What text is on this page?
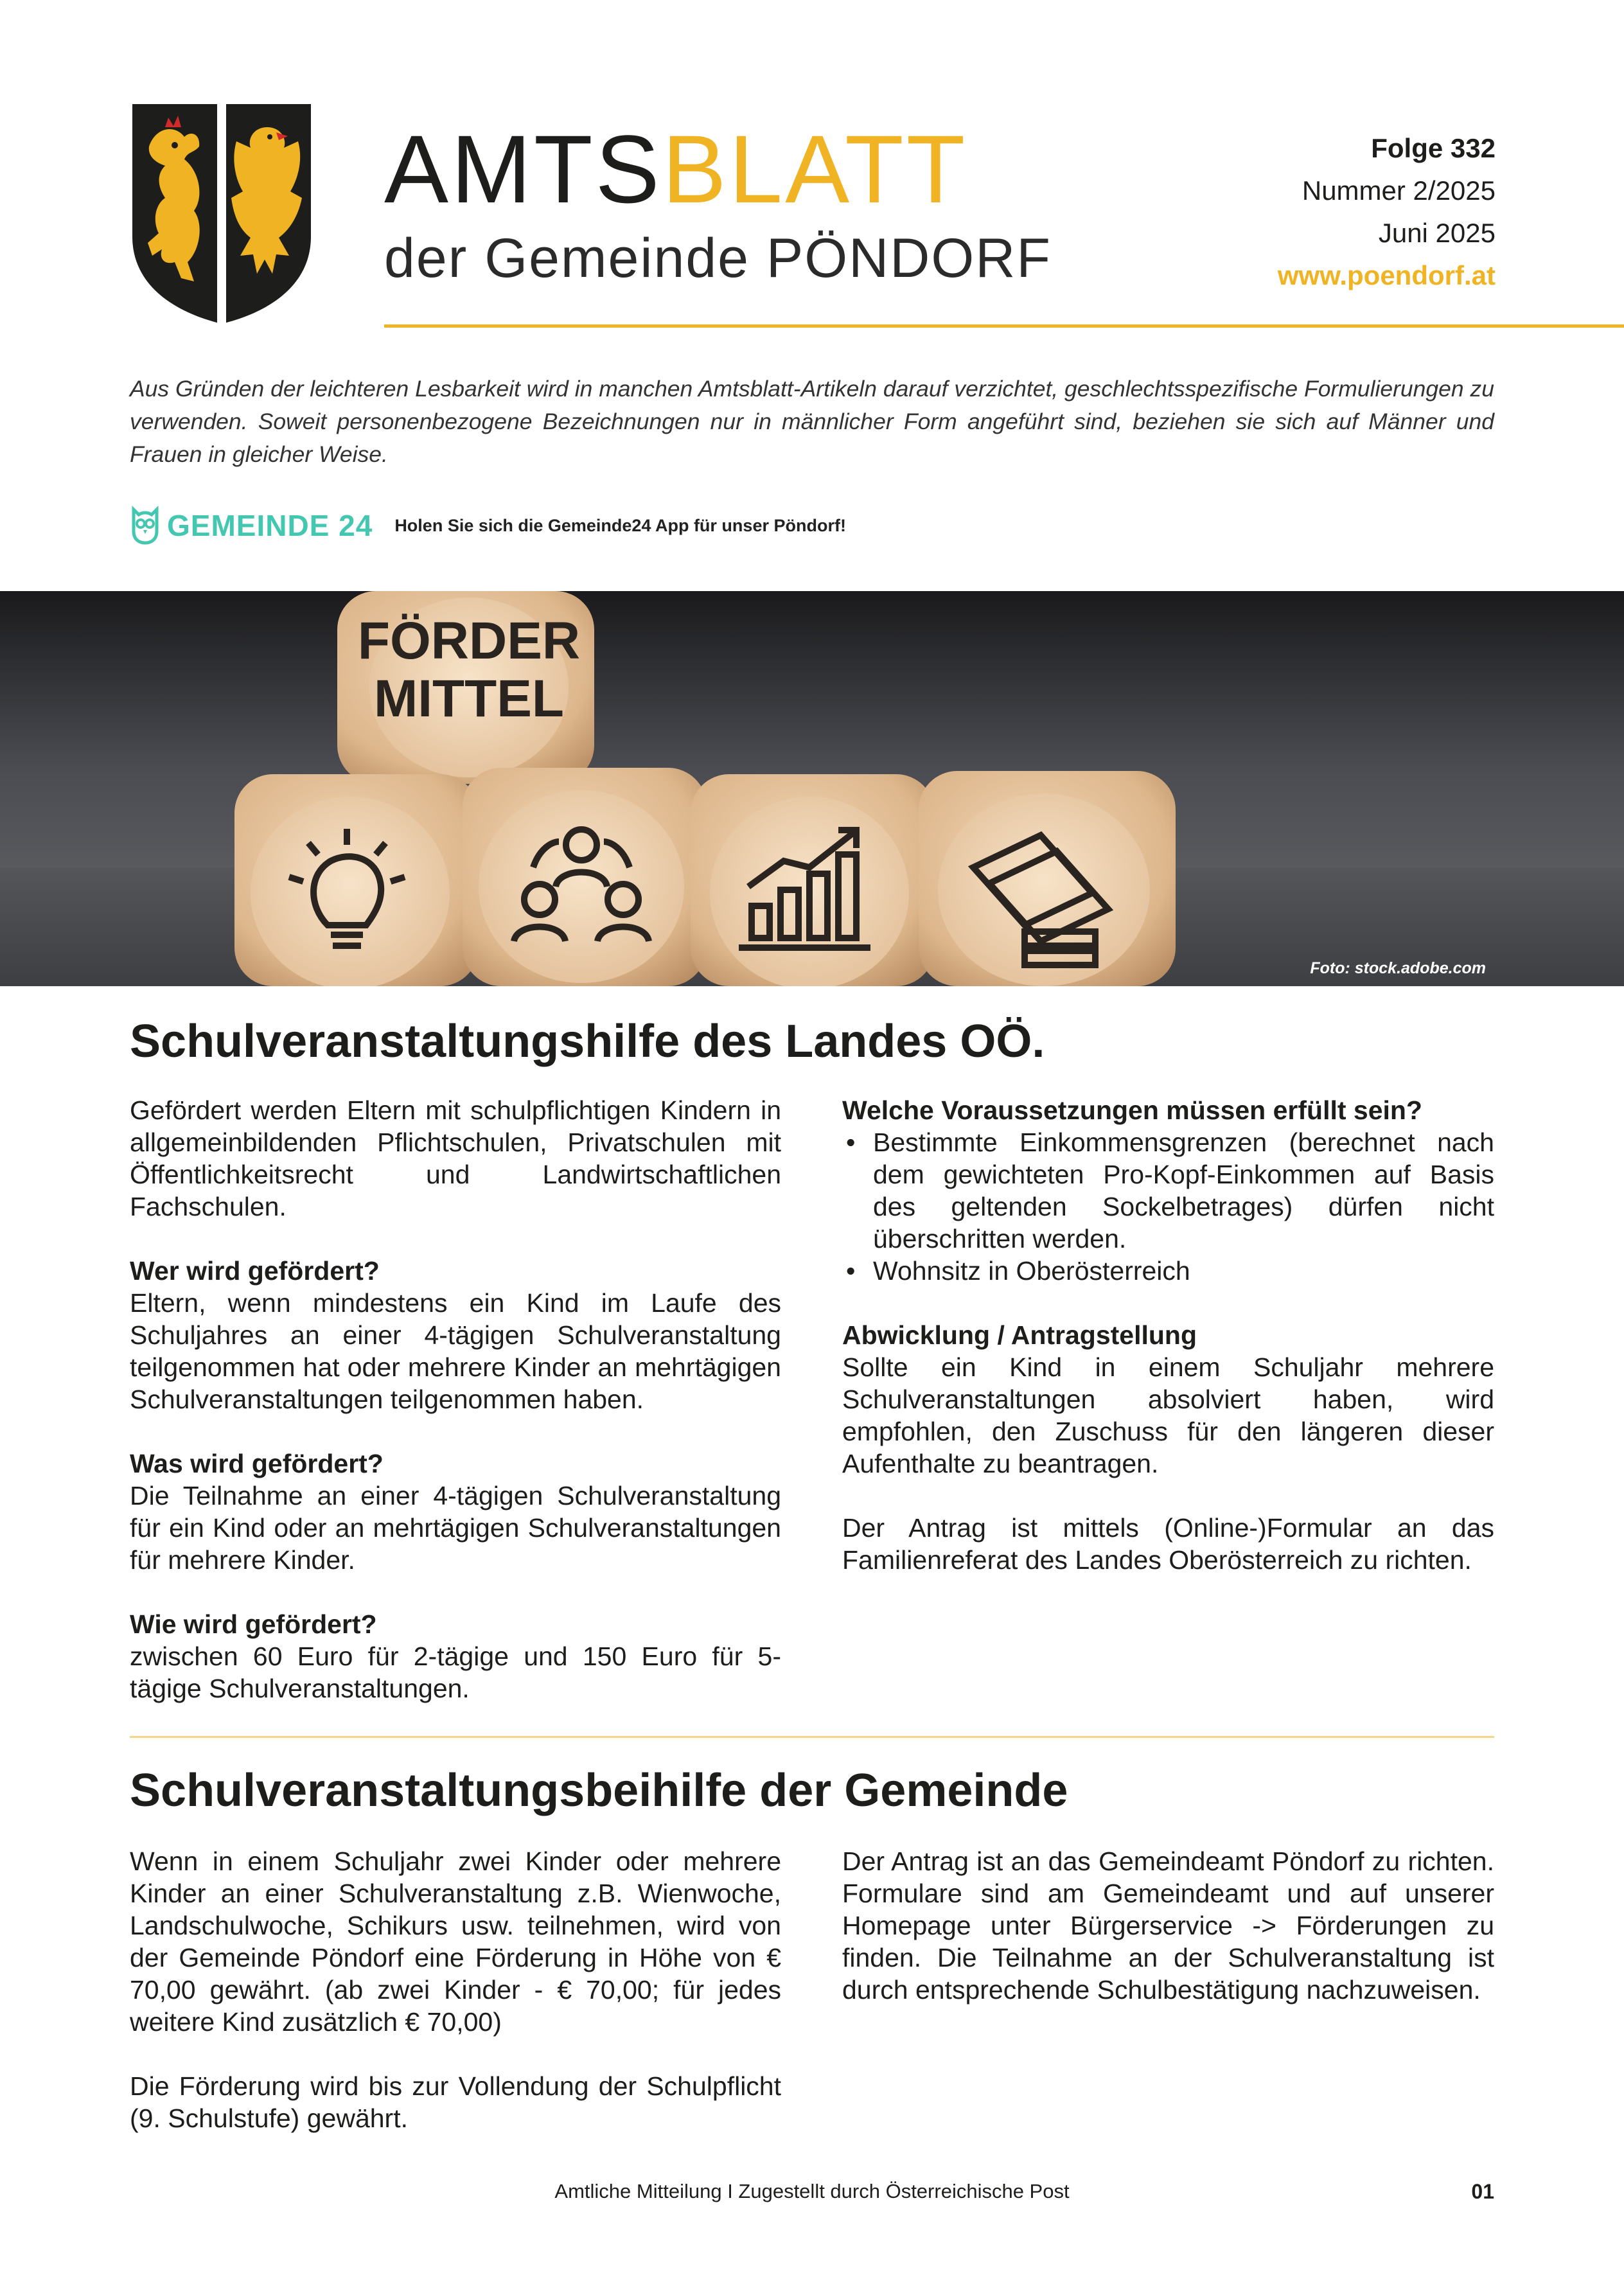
AMTSBLATT
der Gemeinde PÖNDORF
Folge 332
Nummer 2/2025
Juni 2025
www.poendorf.at
Aus Gründen der leichteren Lesbarkeit wird in manchen Amtsblatt-Artikeln darauf verzichtet, geschlechtsspezifische Formulierungen zu verwenden. Soweit personenbezogene Bezeichnungen nur in männlicher Form angeführt sind, beziehen sie sich auf Männer und Frauen in gleicher Weise.
GEMEINDE 24 Holen Sie sich die Gemeinde24 App für unser Pöndorf!
FÖRDER
MITTEL
Foto: stock.adobe.com
Schulveranstaltungshilfe des Landes OÖ.

Gefördert werden Eltern mit schulpflichtigen Kindern in allgemeinbildenden Pflichtschulen, Privatschulen mit Öffentlichkeitsrecht und Landwirtschaftlichen Fachschulen.

Wer wird gefördert?
Eltern, wenn mindestens ein Kind im Laufe des Schuljahres an einer 4-tägigen Schulveranstaltung teilgenommen hat oder mehrere Kinder an mehrtägigen Schulveranstaltungen teilgenommen haben.

Was wird gefördert?
Die Teilnahme an einer 4-tägigen Schulveranstaltung für ein Kind oder an mehrtägigen Schulveranstaltungen für mehrere Kinder.

Wie wird gefördert?
zwischen 60 Euro für 2-tägige und 150 Euro für 5-tägige Schulveranstaltungen.

Welche Voraussetzungen müssen erfüllt sein?
• Bestimmte Einkommensgrenzen (berechnet nach dem gewichteten Pro-Kopf-Einkommen auf Basis des geltenden Sockelbetrages) dürfen nicht überschritten werden.
• Wohnsitz in Oberösterreich

Abwicklung / Antragstellung
Sollte ein Kind in einem Schuljahr mehrere Schulveranstaltungen absolviert haben, wird empfohlen, den Zuschuss für den längeren dieser Aufenthalte zu beantragen.

Der Antrag ist mittels (Online-)Formular an das Familienreferat des Landes Oberösterreich zu richten.

Schulveranstaltungsbeihilfe der Gemeinde

Wenn in einem Schuljahr zwei Kinder oder mehrere Kinder an einer Schulveranstaltung z.B. Wienwoche, Landschulwoche, Schikurs usw. teilnehmen, wird von der Gemeinde Pöndorf eine Förderung in Höhe von € 70,00 gewährt. (ab zwei Kinder - € 70,00; für jedes weitere Kind zusätzlich € 70,00)

Die Förderung wird bis zur Vollendung der Schulpflicht (9. Schulstufe) gewährt.

Der Antrag ist an das Gemeindeamt Pöndorf zu richten. Formulare sind am Gemeindeamt und auf unserer Homepage unter Bürgerservice -> Förderungen zu finden. Die Teilnahme an der Schulveranstaltung ist durch entsprechende Schulbestätigung nachzuweisen.

Amtliche Mitteilung I Zugestellt durch Österreichische Post	01
